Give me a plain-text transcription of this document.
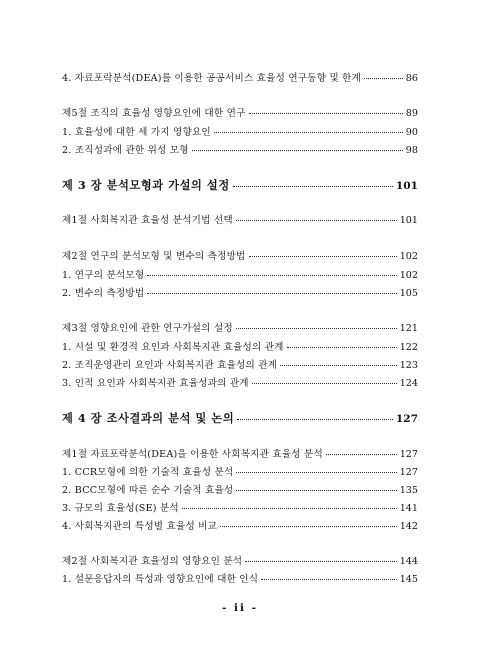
4. 자료포락분석(DEA)를 이용한 공공서비스 효율성 연구동향 및 한계	86
제5절 조직의 효율성 영향요인에 대한 연구	89
1. 효율성에 대한 세 가지 영향요인	90
2. 조직성과에 관한 위성 모형	98
제 3 장 분석모형과 가설의 설정	101
제1절 사회복지관 효율성 분석기법 선택	101
제2절 연구의 분석모형 및 변수의 측정방법	102
1. 연구의 분석모형	102
2. 변수의 측정방법	105
제3절 영향요인에 관한 연구가설의 설정	121
1. 시설 및 환경적 요인과 사회복지관 효율성의 관계	122
2. 조직운영관리 요인과 사회복지관 효율성의 관계	123
3. 인적 요인과 사회복지관 효율성과의 관계	124
제 4 장 조사결과의 분석 및 논의	127
제1절 자료포락분석(DEA)을 이용한 사회복지관 효율성 분석	127
1. CCR모형에 의한 기술적 효율성 분석	127
2. BCC모형에 따른 순수 기술적 효율성	135
3. 규모의 효율성(SE) 분석	141
4. 사회복지관의 특성별 효율성 비교	142
제2절 사회복지관 효율성의 영향요인 분석	144
1. 설문응답자의 특성과 영향요인에 대한 인식	145
- ii -
